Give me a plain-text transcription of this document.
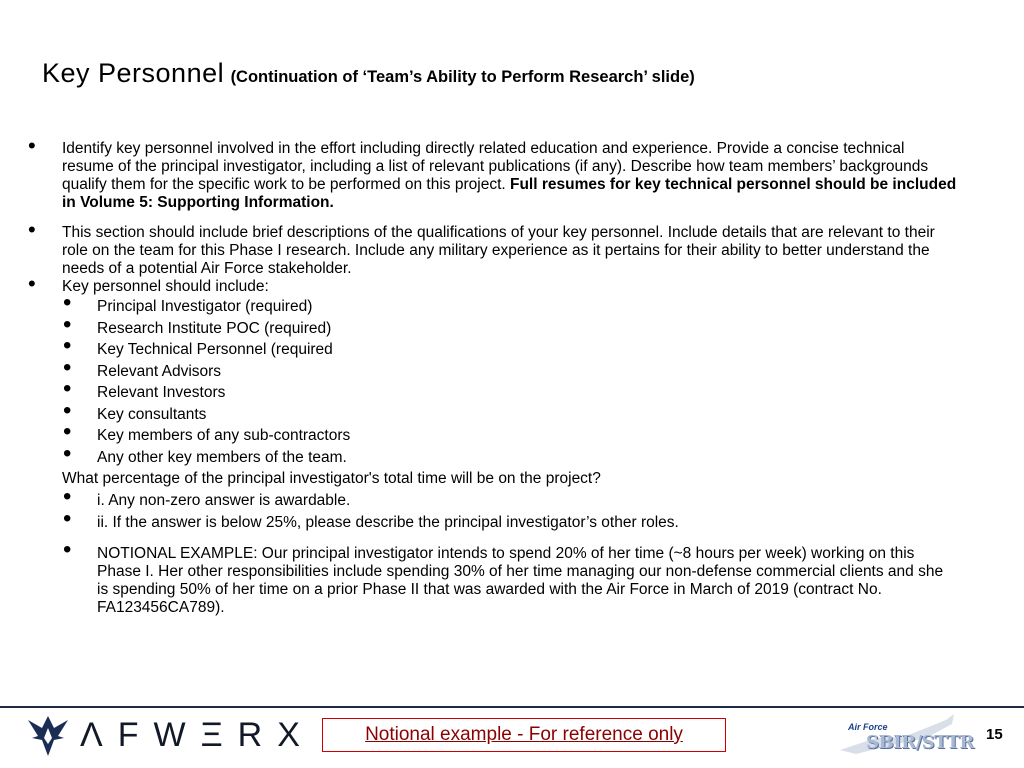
Key Personnel (Continuation of ‘Team’s Ability to Perform Research’ slide)
• Identify key personnel involved in the effort including directly related education and experience. Provide a concise technical resume of the principal investigator, including a list of relevant publications (if any). Describe how team members’ backgrounds qualify them for the specific work to be performed on this project. Full resumes for key technical personnel should be included in Volume 5: Supporting Information.
• This section should include brief descriptions of the qualifications of your key personnel. Include details that are relevant to their role on the team for this Phase I research. Include any military experience as it pertains for their ability to better understand the needs of a potential Air Force stakeholder.
• Key personnel should include:
• Principal Investigator (required)
• Research Institute POC (required)
• Key Technical Personnel (required
• Relevant Advisors
• Relevant Investors
• Key consultants
• Key members of any sub-contractors
• Any other key members of the team.
What percentage of the principal investigator's total time will be on the project?
• i. Any non-zero answer is awardable.
• ii. If the answer is below 25%, please describe the principal investigator’s other roles.
• NOTIONAL EXAMPLE: Our principal investigator intends to spend 20% of her time (~8 hours per week) working on this Phase I. Her other responsibilities include spending 30% of her time managing our non-defense commercial clients and she is spending 50% of her time on a prior Phase II that was awarded with the Air Force in March of 2019 (contract No. FA123456CA789).
ΛFWΞRX	Notional example - For reference only	Air Force
SBIR/STTR 15
